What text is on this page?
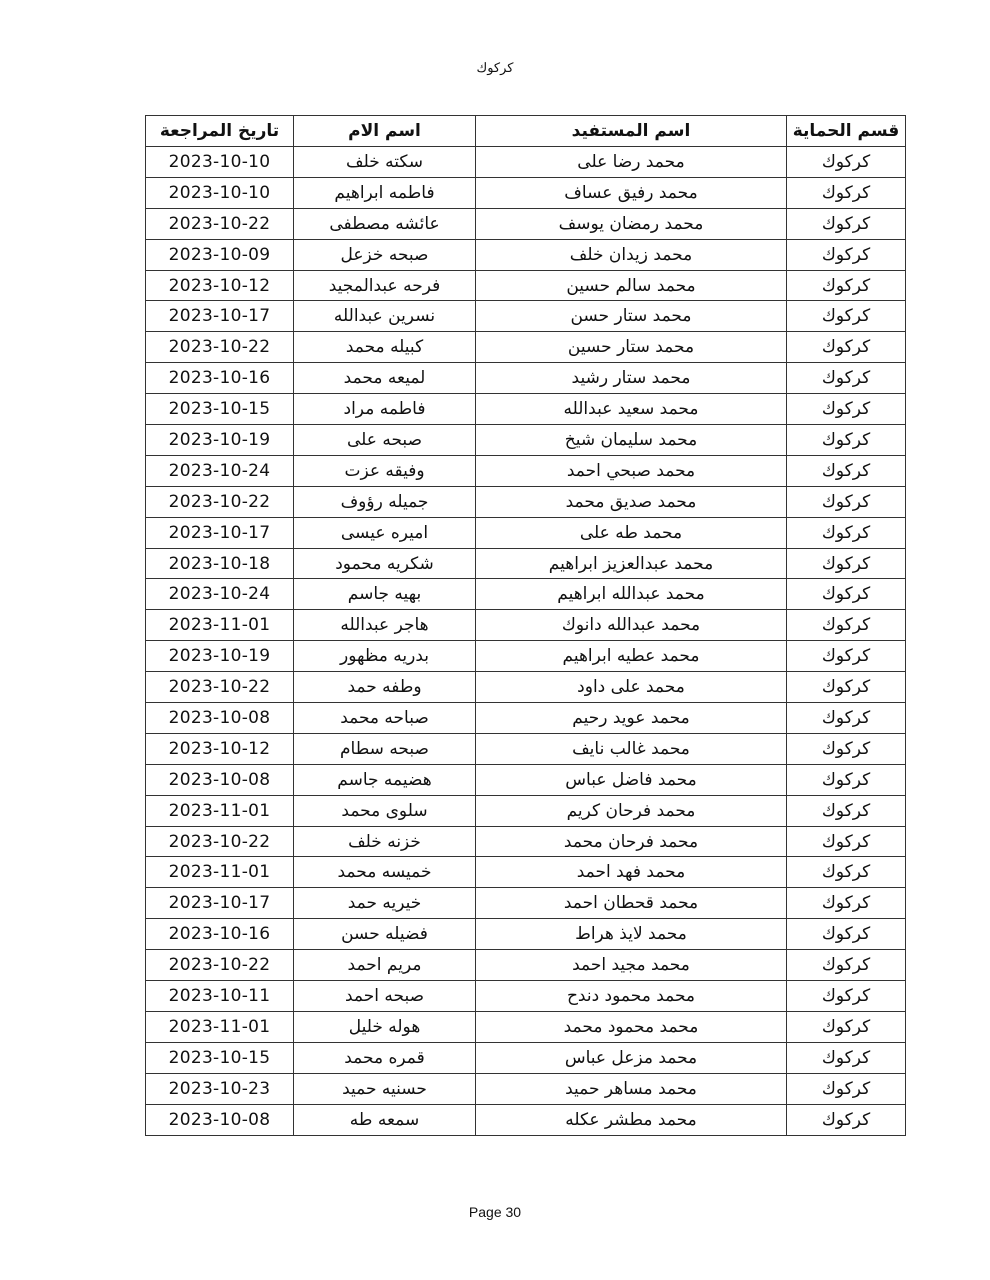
كركوك
قسم الحماية	اسم المستفيد	اسم الام	تاريخ المراجعة
كركوك	محمد رضا على	سكته خلف	2023-10-10
كركوك	محمد رفيق عساف	فاطمه ابراهيم	2023-10-10
كركوك	محمد رمضان يوسف	عائشه مصطفى	2023-10-22
كركوك	محمد زيدان خلف	صبحه خزعل	2023-10-09
كركوك	محمد سالم حسين	فرحه عبدالمجيد	2023-10-12
كركوك	محمد ستار حسن	نسرين عبدالله	2023-10-17
كركوك	محمد ستار حسين	كبيله محمد	2023-10-22
كركوك	محمد ستار رشيد	لميعه محمد	2023-10-16
كركوك	محمد سعيد عبدالله	فاطمه مراد	2023-10-15
كركوك	محمد سليمان شيخ	صبحه على	2023-10-19
كركوك	محمد صبحي احمد	وفيقه عزت	2023-10-24
كركوك	محمد صديق محمد	جميله رؤوف	2023-10-22
كركوك	محمد طه على	اميره عيسى	2023-10-17
كركوك	محمد عبدالعزيز ابراهيم	شكريه محمود	2023-10-18
كركوك	محمد عبدالله ابراهيم	بهيه جاسم	2023-10-24
كركوك	محمد عبدالله دانوك	هاجر عبدالله	2023-11-01
كركوك	محمد عطيه ابراهيم	بدريه مظهور	2023-10-19
كركوك	محمد على داود	وطفه حمد	2023-10-22
كركوك	محمد عويد رحيم	صباحه محمد	2023-10-08
كركوك	محمد غالب نايف	صبحه سطام	2023-10-12
كركوك	محمد فاضل عباس	هضيمه جاسم	2023-10-08
كركوك	محمد فرحان كريم	سلوى محمد	2023-11-01
كركوك	محمد فرحان محمد	خزنه خلف	2023-10-22
كركوك	محمد فهد احمد	خميسه محمد	2023-11-01
كركوك	محمد قحطان احمد	خيريه حمد	2023-10-17
كركوك	محمد لايذ هراط	فضيله حسن	2023-10-16
كركوك	محمد مجيد احمد	مريم احمد	2023-10-22
كركوك	محمد محمود دندح	صبحه احمد	2023-10-11
كركوك	محمد محمود محمد	هوله خليل	2023-11-01
كركوك	محمد مزعل عباس	قمره محمد	2023-10-15
كركوك	محمد مساهر حميد	حسنيه حميد	2023-10-23
كركوك	محمد مطشر عكله	سمعه طه	2023-10-08
Page 30
